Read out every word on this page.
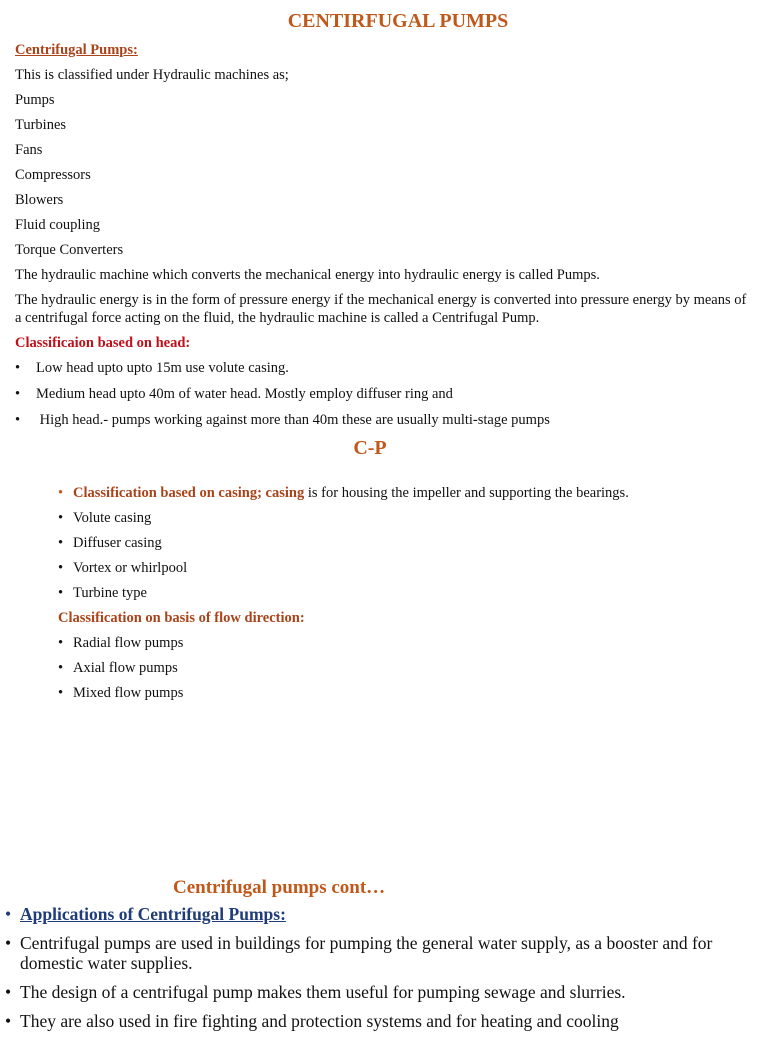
CENTIRFUGAL PUMPS
Centrifugal Pumps:
This is classified under Hydraulic machines as;
Pumps
Turbines
Fans
Compressors
Blowers
Fluid coupling
Torque Converters
The hydraulic machine which converts the mechanical energy into hydraulic energy is called Pumps.
The hydraulic energy is in the form of pressure energy if the mechanical energy is converted into pressure energy by means of a centrifugal force acting on the fluid, the hydraulic machine is called a Centrifugal Pump.
Classificaion based on head:
• Low head upto upto 15m use volute casing.
• Medium head upto 40m of water head. Mostly employ diffuser ring and
• High head.- pumps working against more than 40m these are usually multi-stage pumps
C-P
• Classification based on casing; casing is for housing the impeller and supporting the bearings.
• Volute casing
• Diffuser casing
• Vortex or whirlpool
• Turbine type
Classification on basis of flow direction:
• Radial flow pumps
• Axial flow pumps
• Mixed flow pumps
Centrifugal pumps cont…
• Applications of Centrifugal Pumps:
• Centrifugal pumps are used in buildings for pumping the general water supply, as a booster and for domestic water supplies.
• The design of a centrifugal pump makes them useful for pumping sewage and slurries.
• They are also used in fire fighting and protection systems and for heating and cooling
